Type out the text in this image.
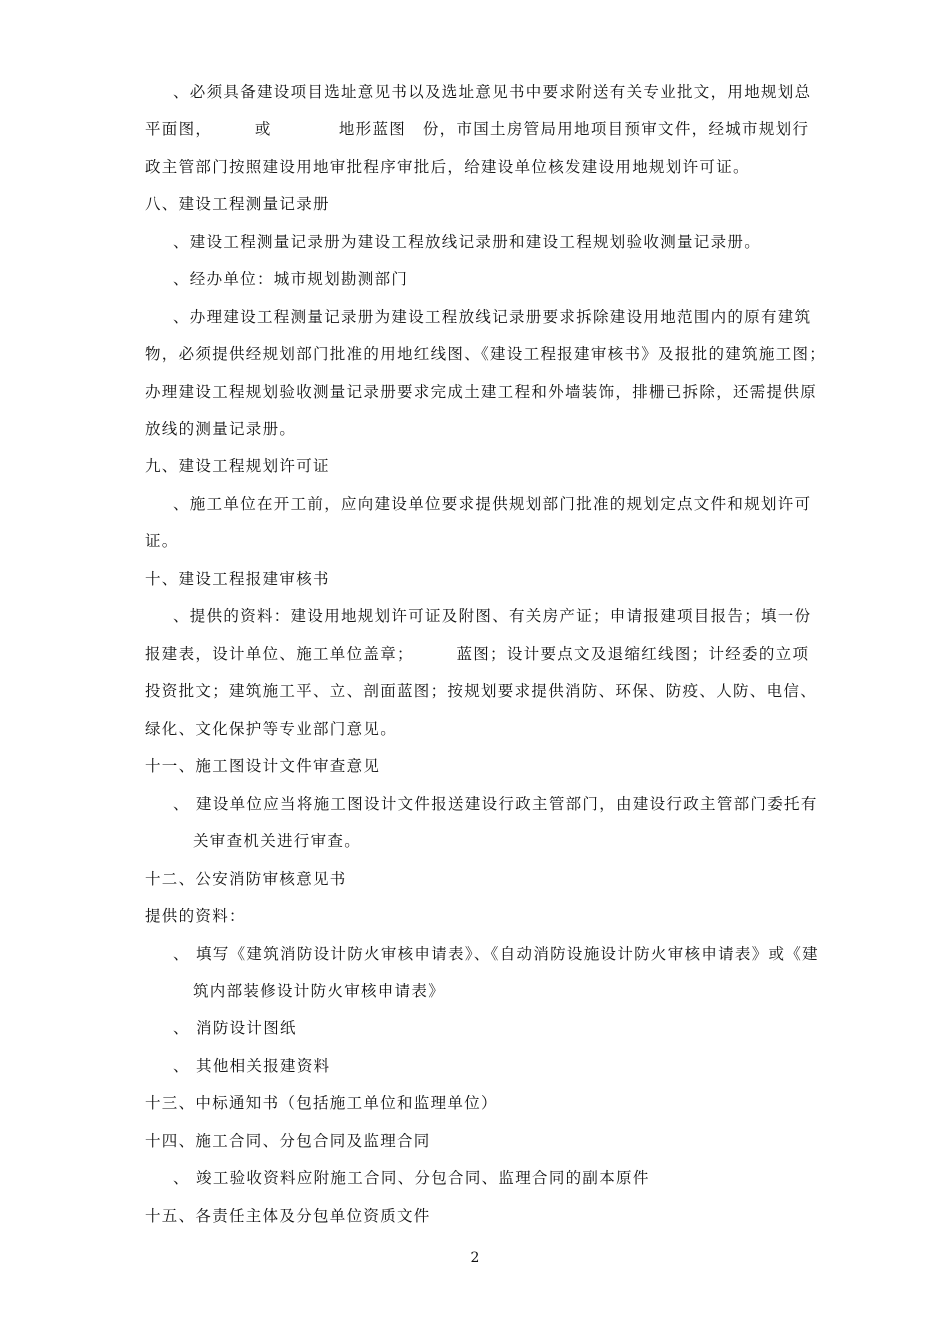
、必须具备建设项目选址意见书以及选址意见书中要求附送有关专业批文，用地规划总
平面图，　　　或　　　　地形蓝图　份，市国土房管局用地项目预审文件，经城市规划行
政主管部门按照建设用地审批程序审批后，给建设单位核发建设用地规划许可证。
八、建设工程测量记录册
、建设工程测量记录册为建设工程放线记录册和建设工程规划验收测量记录册。
、经办单位：城市规划勘测部门
、办理建设工程测量记录册为建设工程放线记录册要求拆除建设用地范围内的原有建筑
物，必须提供经规划部门批准的用地红线图、《建设工程报建审核书》及报批的建筑施工图；
办理建设工程规划验收测量记录册要求完成土建工程和外墙装饰，排栅已拆除，还需提供原
放线的测量记录册。
九、建设工程规划许可证
、施工单位在开工前，应向建设单位要求提供规划部门批准的规划定点文件和规划许可
证。
十、建设工程报建审核书
、提供的资料：建设用地规划许可证及附图、有关房产证；申请报建项目报告；填一份
报建表，设计单位、施工单位盖章；　　　蓝图；设计要点文及退缩红线图；计经委的立项
投资批文；建筑施工平、立、剖面蓝图；按规划要求提供消防、环保、防疫、人防、电信、
绿化、文化保护等专业部门意见。
十一、施工图设计文件审查意见
、 建设单位应当将施工图设计文件报送建设行政主管部门，由建设行政主管部门委托有
关审查机关进行审查。
十二、公安消防审核意见书
提供的资料：
、 填写《建筑消防设计防火审核申请表》、《自动消防设施设计防火审核申请表》或《建
筑内部装修设计防火审核申请表》
、 消防设计图纸
、 其他相关报建资料
十三、中标通知书（包括施工单位和监理单位）
十四、施工合同、分包合同及监理合同
、 竣工验收资料应附施工合同、分包合同、监理合同的副本原件
十五、各责任主体及分包单位资质文件
2
